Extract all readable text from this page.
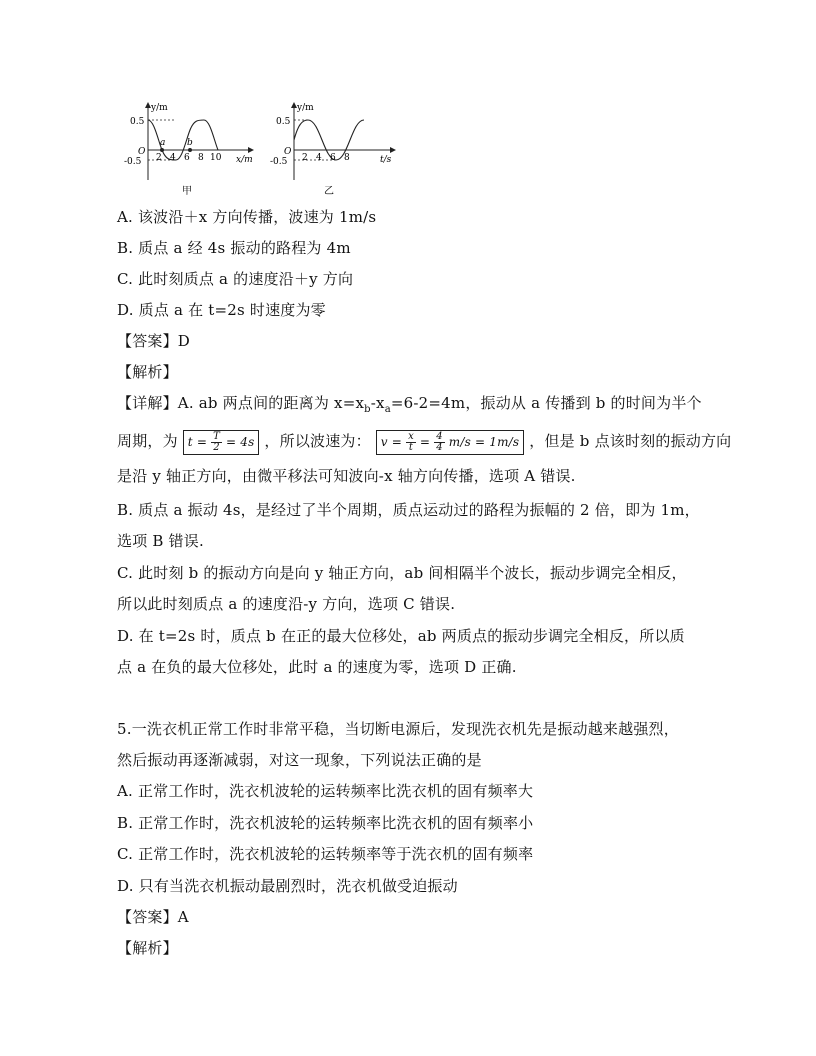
y/m
x/m
O
0.5
-0.5 2 4 6 8 10
a b
甲
y/m
t/s
O
0.5
-0.5 2 4 6 8
乙
A. 该波沿＋x 方向传播，波速为 1m/s
B. 质点 a 经 4s 振动的路程为 4m
C. 此时刻质点 a 的速度沿＋y 方向
D. 质点 a 在 t=2s 时速度为零
【答案】D
【解析】
【详解】A. ab 两点间的距离为 $x=x_b-x_a=6-2=4m$，振动从 a 传播到 b 的时间为半个
周期，为 $t = \frac{T}{2} = 4s$ ，所以波速为： $v = \frac{x}{t} = \frac{4}{4} m/s = 1m/s$ ，但是 b 点该时刻的振动方向
是沿 y 轴正方向，由微平移法可知波向-x 轴方向传播，选项 A 错误.
B. 质点 a 振动 4s，是经过了半个周期，质点运动过的路程为振幅的 2 倍，即为 1m，
选项 B 错误.
C. 此时刻 b 的振动方向是向 y 轴正方向，ab 间相隔半个波长，振动步调完全相反，
所以此时刻质点 a 的速度沿-y 方向，选项 C 错误.
D. 在 t=2s 时，质点 b 在正的最大位移处，ab 两质点的振动步调完全相反，所以质
点 a 在负的最大位移处，此时 a 的速度为零，选项 D 正确.
5.一洗衣机正常工作时非常平稳，当切断电源后，发现洗衣机先是振动越来越强烈，
然后振动再逐渐减弱，对这一现象，下列说法正确的是
A. 正常工作时，洗衣机波轮的运转频率比洗衣机的固有频率大
B. 正常工作时，洗衣机波轮的运转频率比洗衣机的固有频率小
C. 正常工作时，洗衣机波轮的运转频率等于洗衣机的固有频率
D. 只有当洗衣机振动最剧烈时，洗衣机做受迫振动
【答案】A
【解析】
